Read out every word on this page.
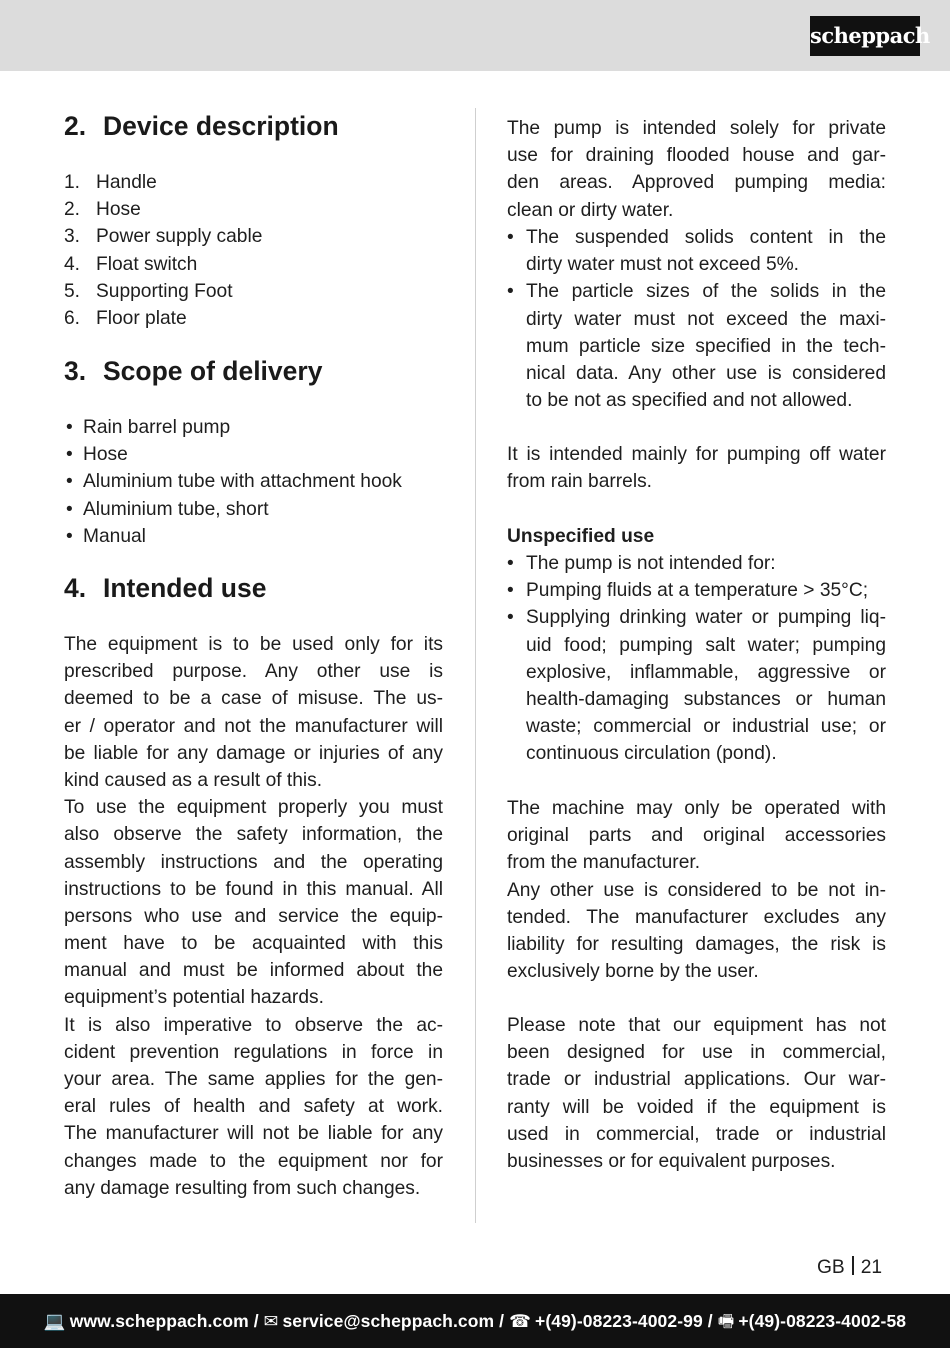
scheppach
2. Device description
1. Handle
2. Hose
3. Power supply cable
4. Float switch
5. Supporting Foot
6. Floor plate
3. Scope of delivery
• Rain barrel pump
• Hose
• Aluminium tube with attachment hook
• Aluminium tube, short
• Manual
4. Intended use
The equipment is to be used only for its
prescribed purpose. Any other use is
deemed to be a case of misuse. The us-
er / operator and not the manufacturer will
be liable for any damage or injuries of any
kind caused as a result of this.
To use the equipment properly you must
also observe the safety information, the
assembly instructions and the operating
instructions to be found in this manual. All
persons who use and service the equip-
ment have to be acquainted with this
manual and must be informed about the
equipment’s potential hazards.
It is also imperative to observe the ac-
cident prevention regulations in force in
your area. The same applies for the gen-
eral rules of health and safety at work.
The manufacturer will not be liable for any
changes made to the equipment nor for
any damage resulting from such changes.
The pump is intended solely for private
use for draining flooded house and gar-
den areas. Approved pumping media:
clean or dirty water.
• The suspended solids content in the
dirty water must not exceed 5%.
• The particle sizes of the solids in the
dirty water must not exceed the maxi-
mum particle size specified in the tech-
nical data. Any other use is considered
to be not as specified and not allowed.
It is intended mainly for pumping off water
from rain barrels.
Unspecified use
• The pump is not intended for:
• Pumping fluids at a temperature > 35°C;
• Supplying drinking water or pumping liq-
uid food; pumping salt water; pumping
explosive, inflammable, aggressive or
health-damaging substances or human
waste; commercial or industrial use; or
continuous circulation (pond).
The machine may only be operated with
original parts and original accessories
from the manufacturer.
Any other use is considered to be not in-
tended. The manufacturer excludes any
liability for resulting damages, the risk is
exclusively borne by the user.
Please note that our equipment has not
been designed for use in commercial,
trade or industrial applications. Our war-
ranty will be voided if the equipment is
used in commercial, trade or industrial
businesses or for equivalent purposes.
GB 21
💻 www.scheppach.com / ✉ service@scheppach.com / ☎ +(49)-08223-4002-99 / 🖷 +(49)-08223-4002-58
